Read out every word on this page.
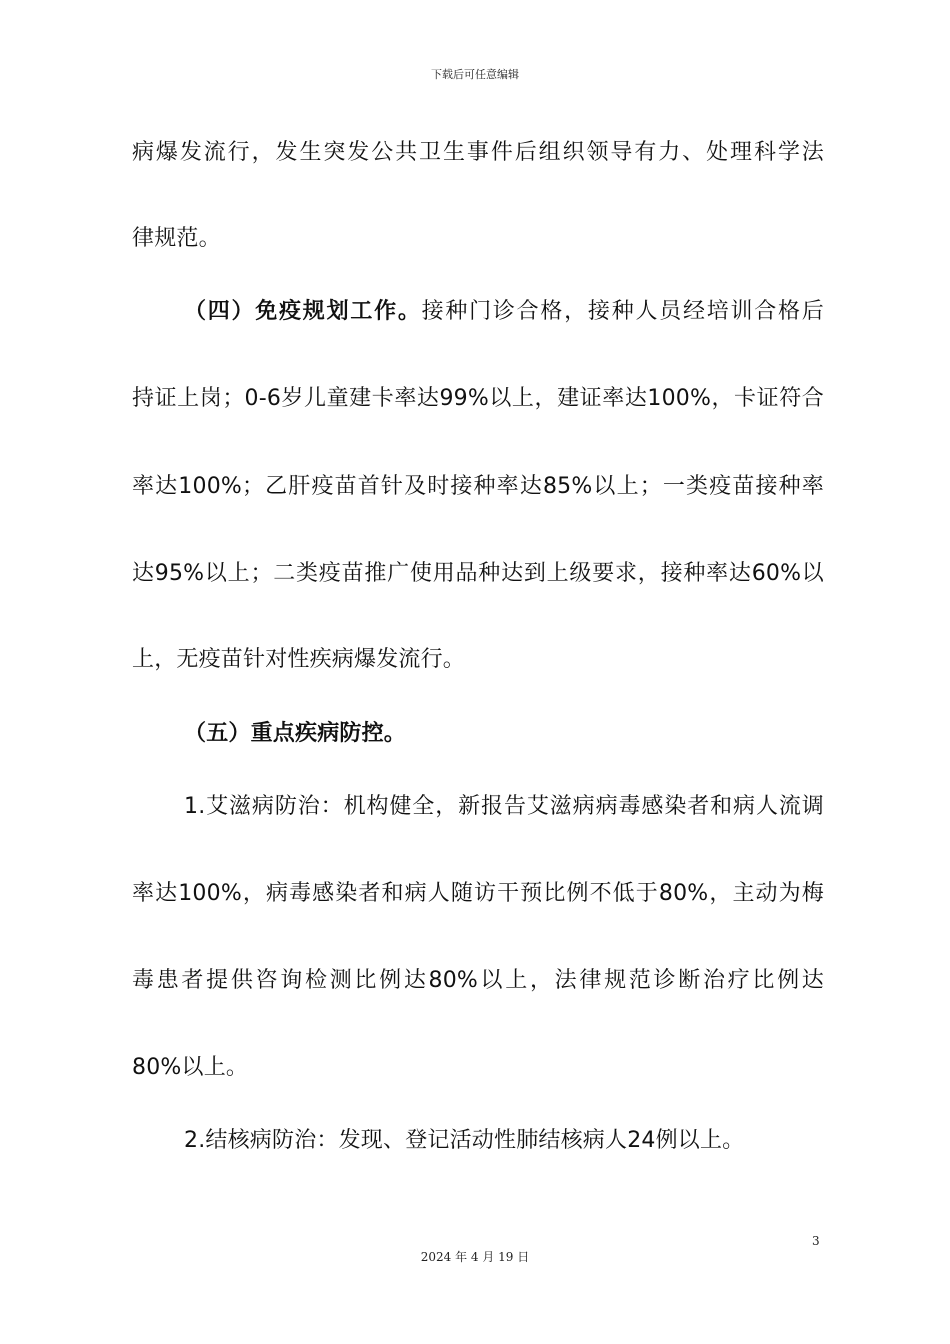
下载后可任意编辑
病爆发流行，发生突发公共卫生事件后组织领导有力、处理科学法
律规范。
（四）免疫规划工作。接种门诊合格，接种人员经培训合格后
持证上岗；0-6岁儿童建卡率达99%以上，建证率达100%，卡证符合
率达100%；乙肝疫苗首针及时接种率达85%以上；一类疫苗接种率
达95%以上；二类疫苗推广使用品种达到上级要求，接种率达60%以
上，无疫苗针对性疾病爆发流行。
（五）重点疾病防控。
1.艾滋病防治：机构健全，新报告艾滋病病毒感染者和病人流调
率达100%，病毒感染者和病人随访干预比例不低于80%，主动为梅
毒患者提供咨询检测比例达80%以上，法律规范诊断治疗比例达
80%以上。
2.结核病防治：发现、登记活动性肺结核病人24例以上。
3
2024 年 4 月 19 日
